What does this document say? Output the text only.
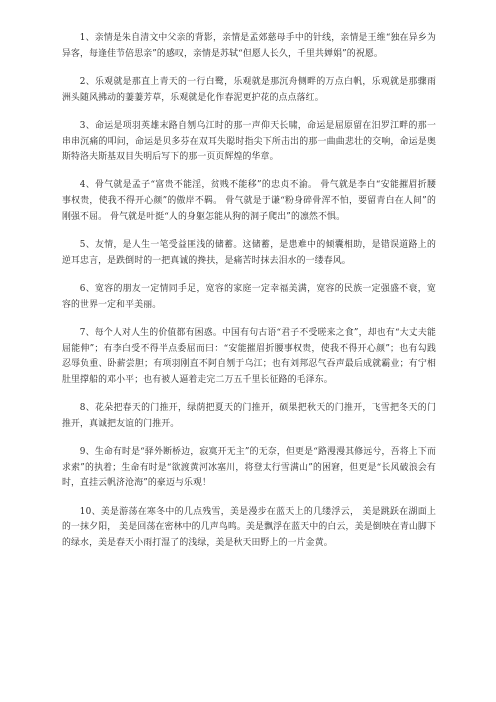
1、亲情是朱自清文中父亲的背影，亲情是孟郊慈母手中的针线，亲情是王维“独在异乡为异客，每逢佳节倍思亲”的感叹，亲情是苏轼“但愿人长久，千里共婵娟”的祝愿。

2、乐观就是那直上青天的一行白鹭，乐观就是那沉舟侧畔的万点白帆，乐观就是那骤雨洲头随风拂动的萋萋芳草，乐观就是化作春泥更护花的点点落红。

3、命运是项羽英雄末路自刎乌江时的那一声仰天长啸，命运是屈原留在汨罗江畔的那一串串沉痛的叩问，命运是贝多芬在双耳失聪时指尖下所击出的那一曲曲悲壮的交响，命运是奥斯特洛夫斯基双目失明后写下的那一页页辉煌的华章。

4、骨气就是孟子“富贵不能淫，贫贱不能移”的忠贞不渝。 骨气就是李白“安能摧眉折腰事权贵，使我不得开心颜”的傲岸不羁。 骨气就是于谦“粉身碎骨浑不怕，要留青白在人间”的刚强不屈。 骨气就是叶挺“人的身躯怎能从狗的洞子爬出”的凛然不惧。

5、友情，是人生一笔受益匪浅的储蓄。这储蓄，是患难中的倾囊相助，是错误道路上的逆耳忠言，是跌倒时的一把真诚的搀扶，是痛苦时抹去泪水的一缕春风。

6、宽容的朋友一定情同手足，宽容的家庭一定幸福美满，宽容的民族一定强盛不衰，宽容的世界一定和平美丽。

7、每个人对人生的价值都有困惑。中国有句古语“君子不受嗟来之食”，却也有“大丈夫能屈能伸”；有李白受不得半点委屈而曰：“安能摧眉折腰事权贵，使我不得开心颜”；也有勾践忍辱负重、卧薪尝胆；有项羽刚直不阿自刎于乌江；也有刘邦忍气吞声最后成就霸业；有宁相肚里撑船的邓小平；也有被人逼着走完二万五千里长征路的毛泽东。

8、花朵把春天的门推开，绿荫把夏天的门推开，硕果把秋天的门推开，飞雪把冬天的门推开，真诚把友谊的门推开。

9、生命有时是“驿外断桥边，寂寞开无主”的无奈，但更是“路漫漫其修远兮，吾将上下而求索”的执着；生命有时是“欲渡黄河冰塞川，将登太行雪满山”的困窘，但更是“长风破浪会有时，直挂云帆济沧海”的豪迈与乐观！

10、美是游荡在寒冬中的几点残雪，美是漫步在蓝天上的几缕浮云， 美是跳跃在湖面上的一抹夕阳， 美是回荡在密林中的几声鸟鸣。美是飘浮在蓝天中的白云，美是倒映在青山脚下的绿水，美是春天小雨打湿了的浅绿，美是秋天田野上的一片金黄。
